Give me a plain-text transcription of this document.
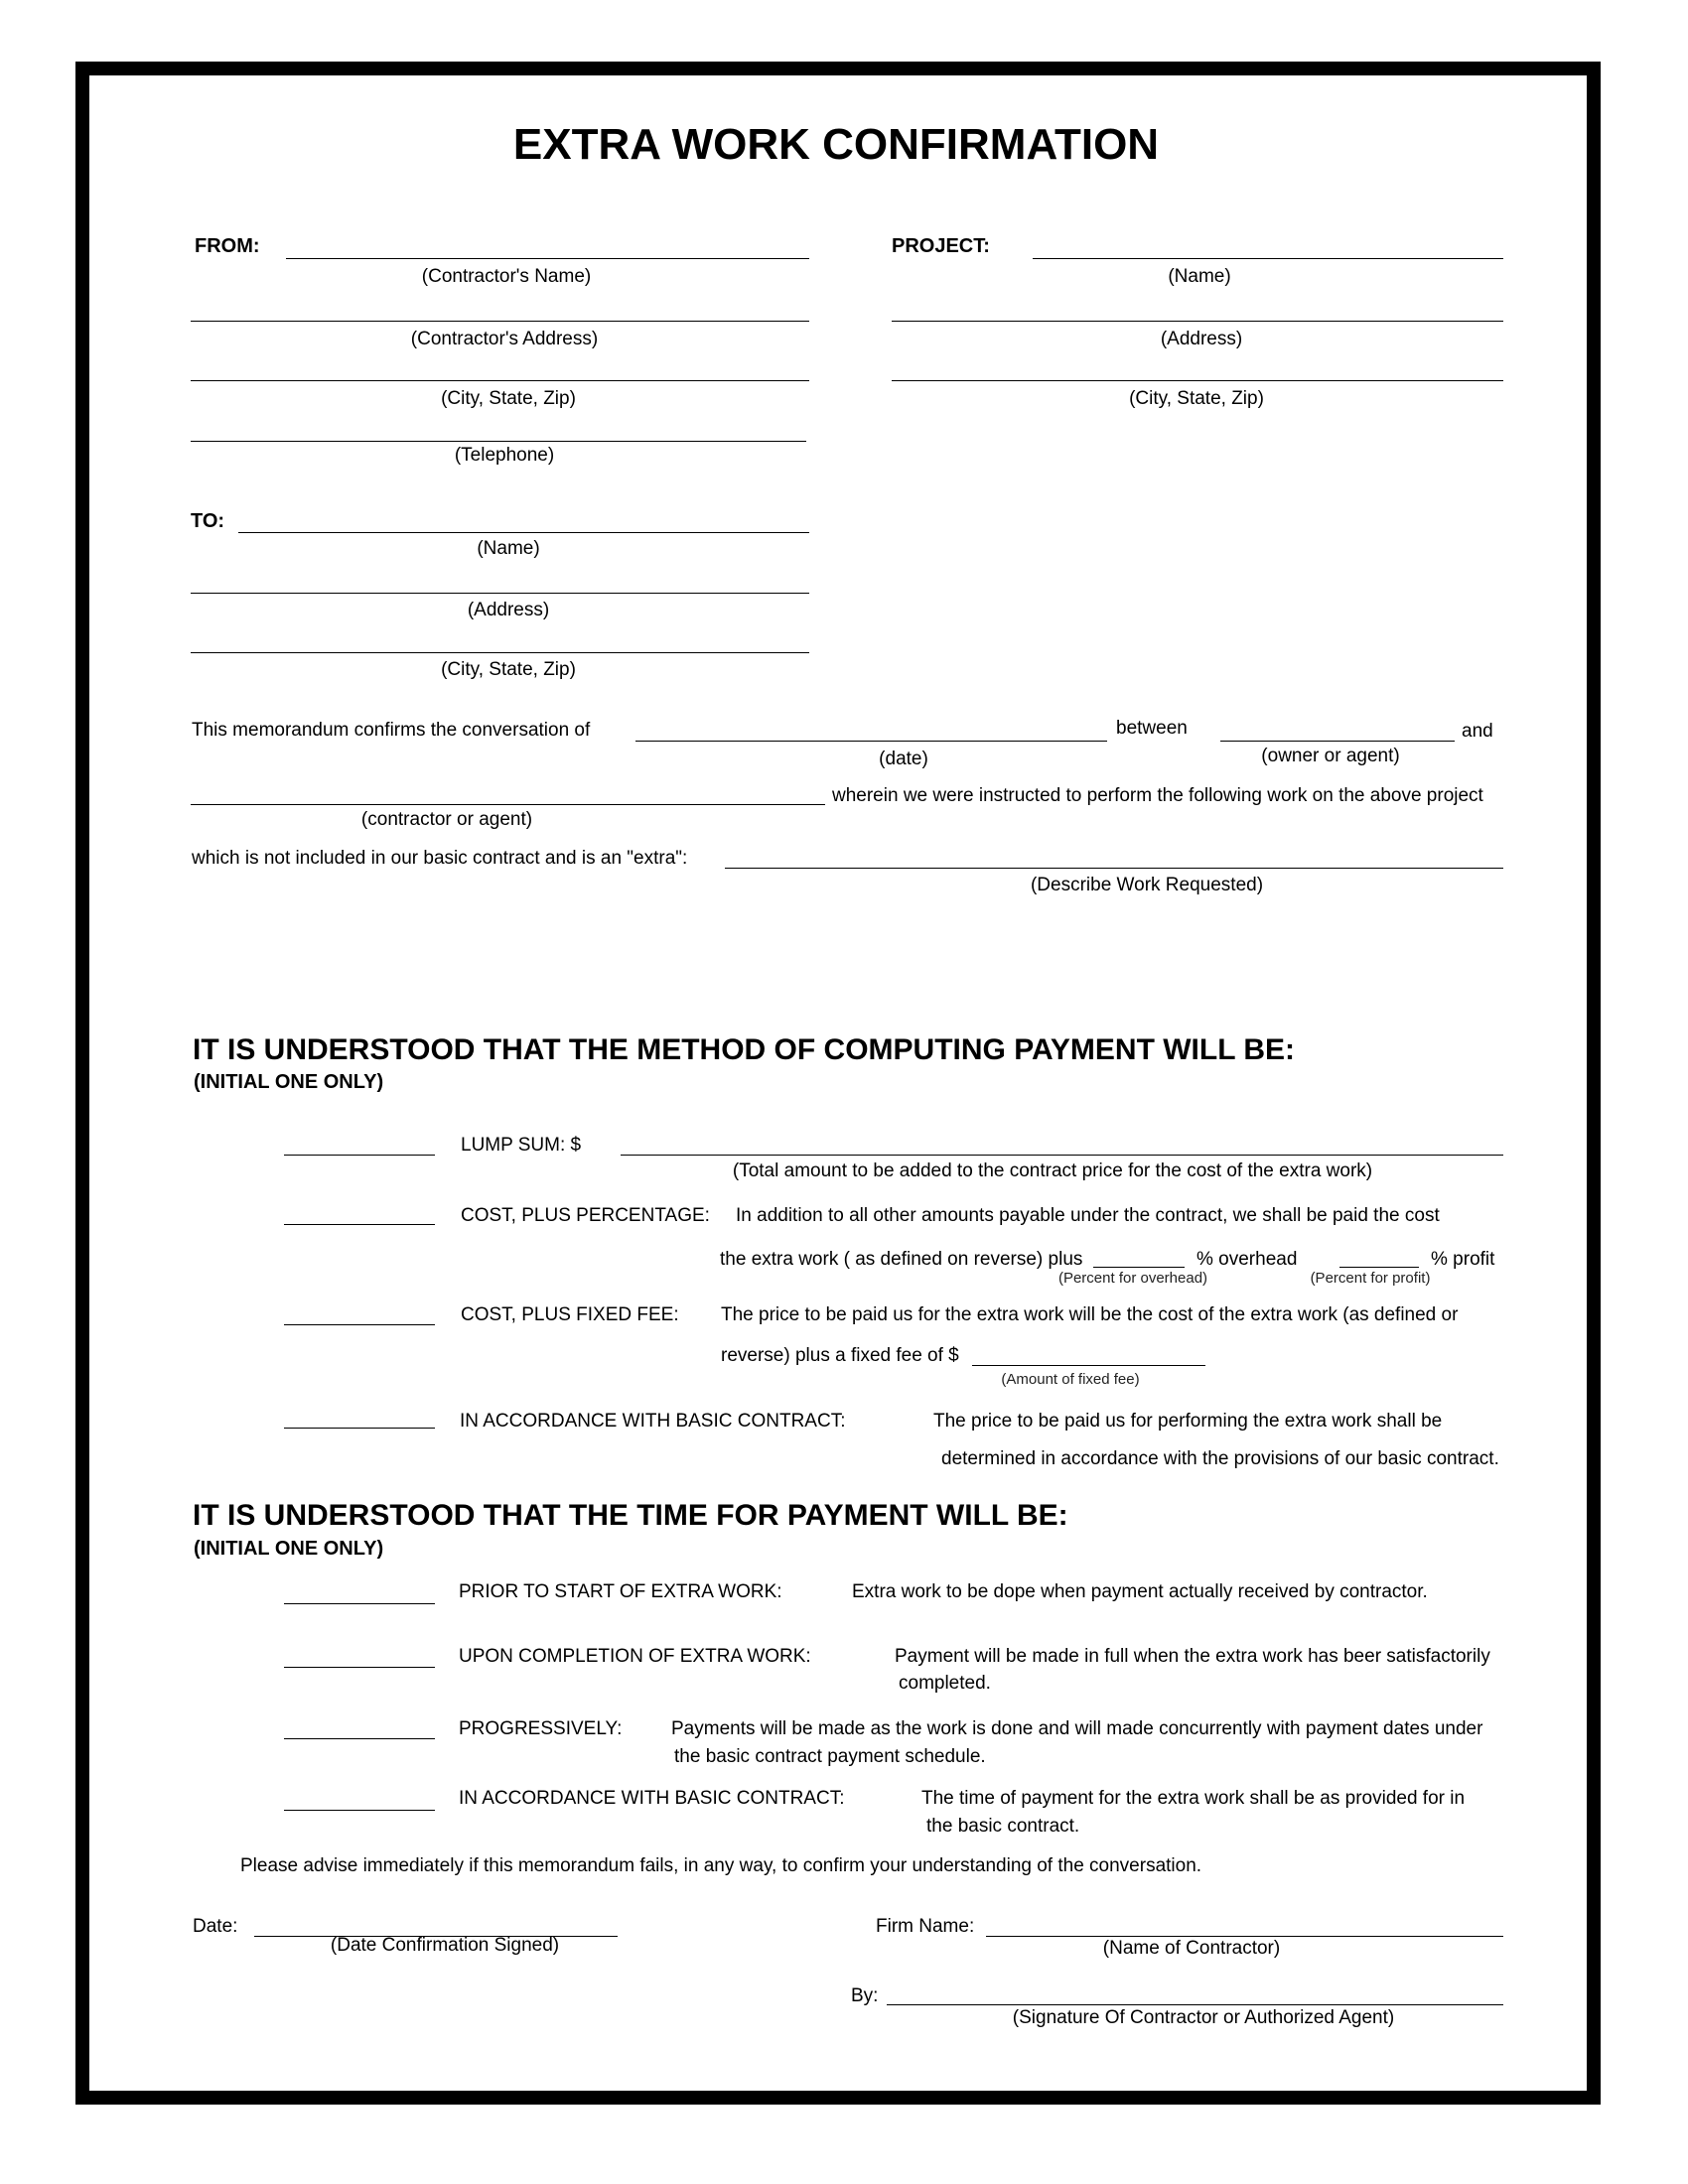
EXTRA WORK CONFIRMATION
FROM:
(Contractor's Name)
(Contractor's Address)
(City, State, Zip)
(Telephone)
PROJECT:
(Name)
(Address)
(City, State, Zip)
TO:
(Name)
(Address)
(City, State, Zip)
This memorandum confirms the conversation of	between	and
(date)	(owner or agent)
wherein we were instructed to perform the following work on the above project
(contractor or agent)
which is not included in our basic contract and is an "extra":
(Describe Work Requested)
IT IS UNDERSTOOD THAT THE METHOD OF COMPUTING PAYMENT WILL BE:
(INITIAL ONE ONLY)
LUMP SUM: $
(Total amount to be added to the contract price for the cost of the extra work)
COST, PLUS PERCENTAGE: In addition to all other amounts payable under the contract, we shall be paid the cost
the extra work ( as defined on reverse) plus	% overhead	% profit
(Percent for overhead)	(Percent for profit)
COST, PLUS FIXED FEE: The price to be paid us for the extra work will be the cost of the extra work (as defined or
reverse) plus a fixed fee of $
(Amount of fixed fee)
IN ACCORDANCE WITH BASIC CONTRACT:	The price to be paid us for performing the extra work shall be
determined in accordance with the provisions of our basic contract.
IT IS UNDERSTOOD THAT THE TIME FOR PAYMENT WILL BE:
(INITIAL ONE ONLY)
PRIOR TO START OF EXTRA WORK:	Extra work to be dope when payment actually received by contractor.
UPON COMPLETION OF EXTRA WORK:	Payment will be made in full when the extra work has beer satisfactorily
completed.
PROGRESSIVELY:	Payments will be made as the work is done and will made concurrently with payment dates under
the basic contract payment schedule.
IN ACCORDANCE WITH BASIC CONTRACT:	The time of payment for the extra work shall be as provided for in
the basic contract.
Please advise immediately if this memorandum fails, in any way, to confirm your understanding of the conversation.
Date:
(Date Confirmation Signed)
Firm Name:
(Name of Contractor)
By:
(Signature Of Contractor or Authorized Agent)
